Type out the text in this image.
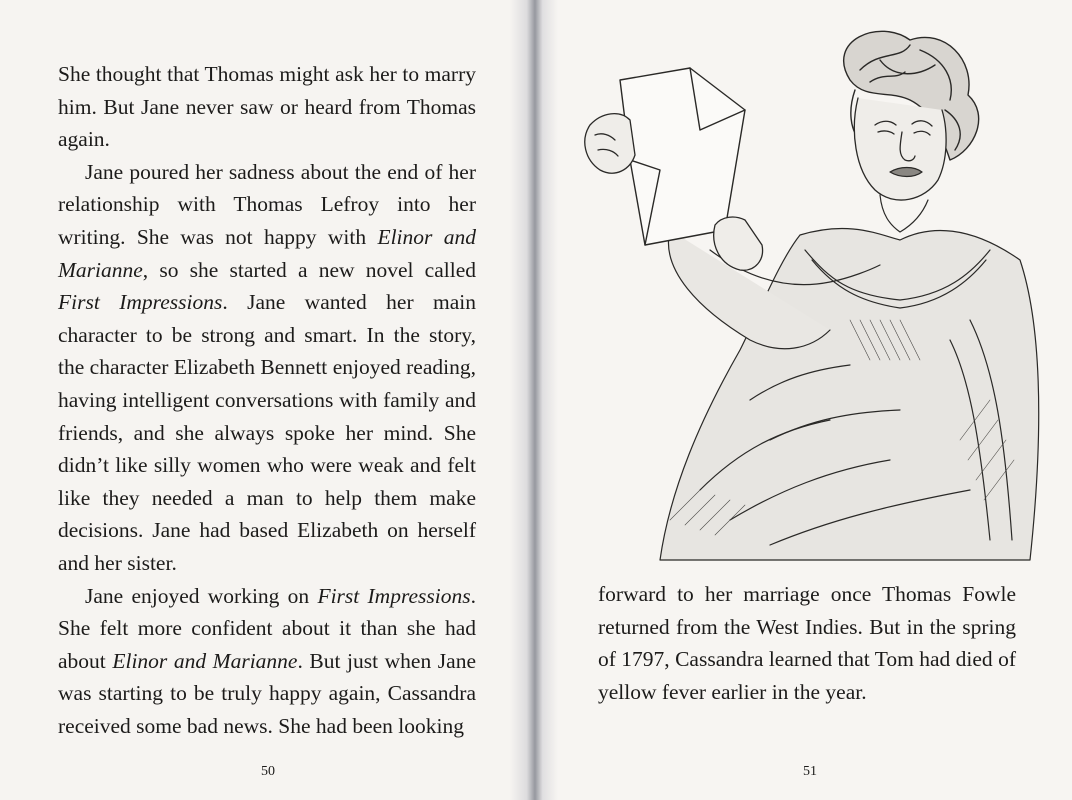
She thought that Thomas might ask her to marry him. But Jane never saw or heard from Thomas again.

Jane poured her sadness about the end of her relationship with Thomas Lefroy into her writing. She was not happy with Elinor and Marianne, so she started a new novel called First Impressions. Jane wanted her main character to be strong and smart. In the story, the character Elizabeth Bennett enjoyed reading, having intelligent conversations with family and friends, and she always spoke her mind. She didn’t like silly women who were weak and felt like they needed a man to help them make decisions. Jane had based Elizabeth on herself and her sister.

Jane enjoyed working on First Impressions. She felt more confident about it than she had about Elinor and Marianne. But just when Jane was starting to be truly happy again, Cassandra received some bad news. She had been looking

50

forward to her marriage once Thomas Fowle returned from the West Indies. But in the spring of 1797, Cassandra learned that Tom had died of yellow fever earlier in the year.

51
